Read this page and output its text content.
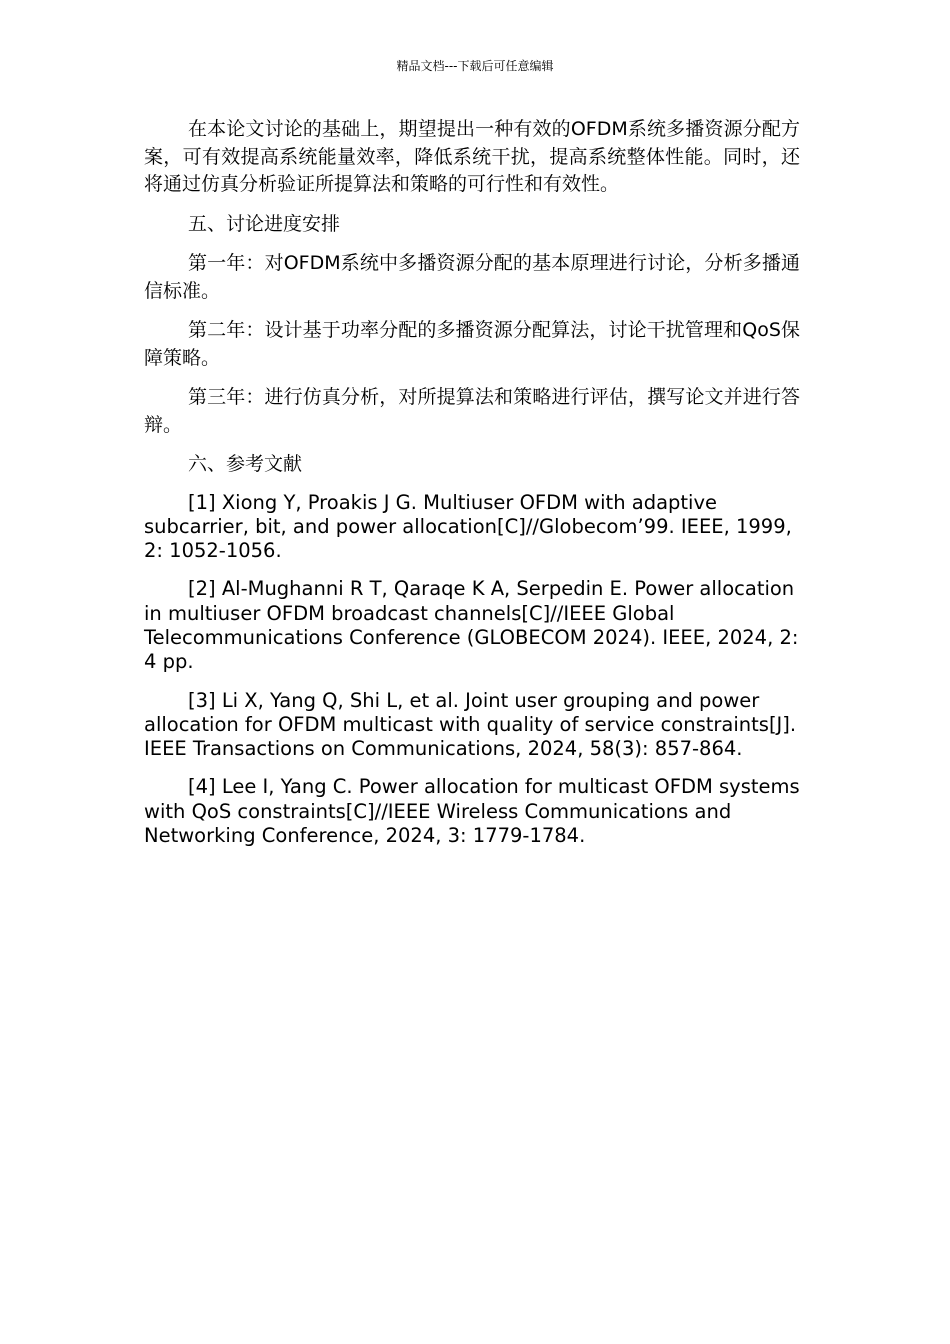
精品文档---下载后可任意编辑

在本论文讨论的基础上，期望提出一种有效的OFDM系统多播资源分配方案，可有效提高系统能量效率，降低系统干扰，提高系统整体性能。同时，还将通过仿真分析验证所提算法和策略的可行性和有效性。

五、讨论进度安排

第一年：对OFDM系统中多播资源分配的基本原理进行讨论，分析多播通信标准。

第二年：设计基于功率分配的多播资源分配算法，讨论干扰管理和QoS保障策略。

第三年：进行仿真分析，对所提算法和策略进行评估，撰写论文并进行答辩。

六、参考文献

[1] Xiong Y, Proakis J G. Multiuser OFDM with adaptive subcarrier, bit, and power allocation[C]//Globecom’99. IEEE, 1999, 2: 1052-1056.

[2] Al-Mughanni R T, Qaraqe K A, Serpedin E. Power allocation in multiuser OFDM broadcast channels[C]//IEEE Global Telecommunications Conference (GLOBECOM 2024). IEEE, 2024, 2: 4 pp.

[3] Li X, Yang Q, Shi L, et al. Joint user grouping and power allocation for OFDM multicast with quality of service constraints[J]. IEEE Transactions on Communications, 2024, 58(3): 857-864.

[4] Lee I, Yang C. Power allocation for multicast OFDM systems with QoS constraints[C]//IEEE Wireless Communications and Networking Conference, 2024, 3: 1779-1784.
